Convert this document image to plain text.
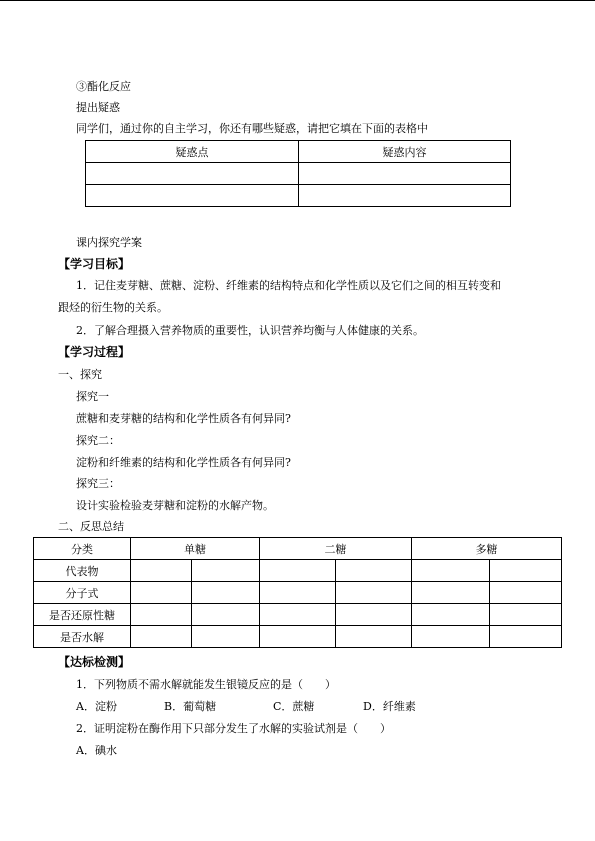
③酯化反应
提出疑惑
同学们，通过你的自主学习，你还有哪些疑惑，请把它填在下面的表格中
疑惑点	疑惑内容

课内探究学案
【学习目标】
1．记住麦芽糖、蔗糖、淀粉、纤维素的结构特点和化学性质以及它们之间的相互转变和
跟烃的衍生物的关系。
2．了解合理摄入营养物质的重要性，认识营养均衡与人体健康的关系。
【学习过程】
一、探究
探究一
蔗糖和麦芽糖的结构和化学性质各有何异同?
探究二：
淀粉和纤维素的结构和化学性质各有何异同?
探究三：
设计实验检验麦芽糖和淀粉的水解产物。
二、反思总结
分类	单糖		二糖		多糖	
代表物						
分子式						
是否还原性糖						
是否水解						
【达标检测】
1．下列物质不需水解就能发生银镜反应的是（　　）
A．淀粉	B．葡萄糖	C．蔗糖	D．纤维素
2．证明淀粉在酶作用下只部分发生了水解的实验试剂是（　　）
A．碘水
